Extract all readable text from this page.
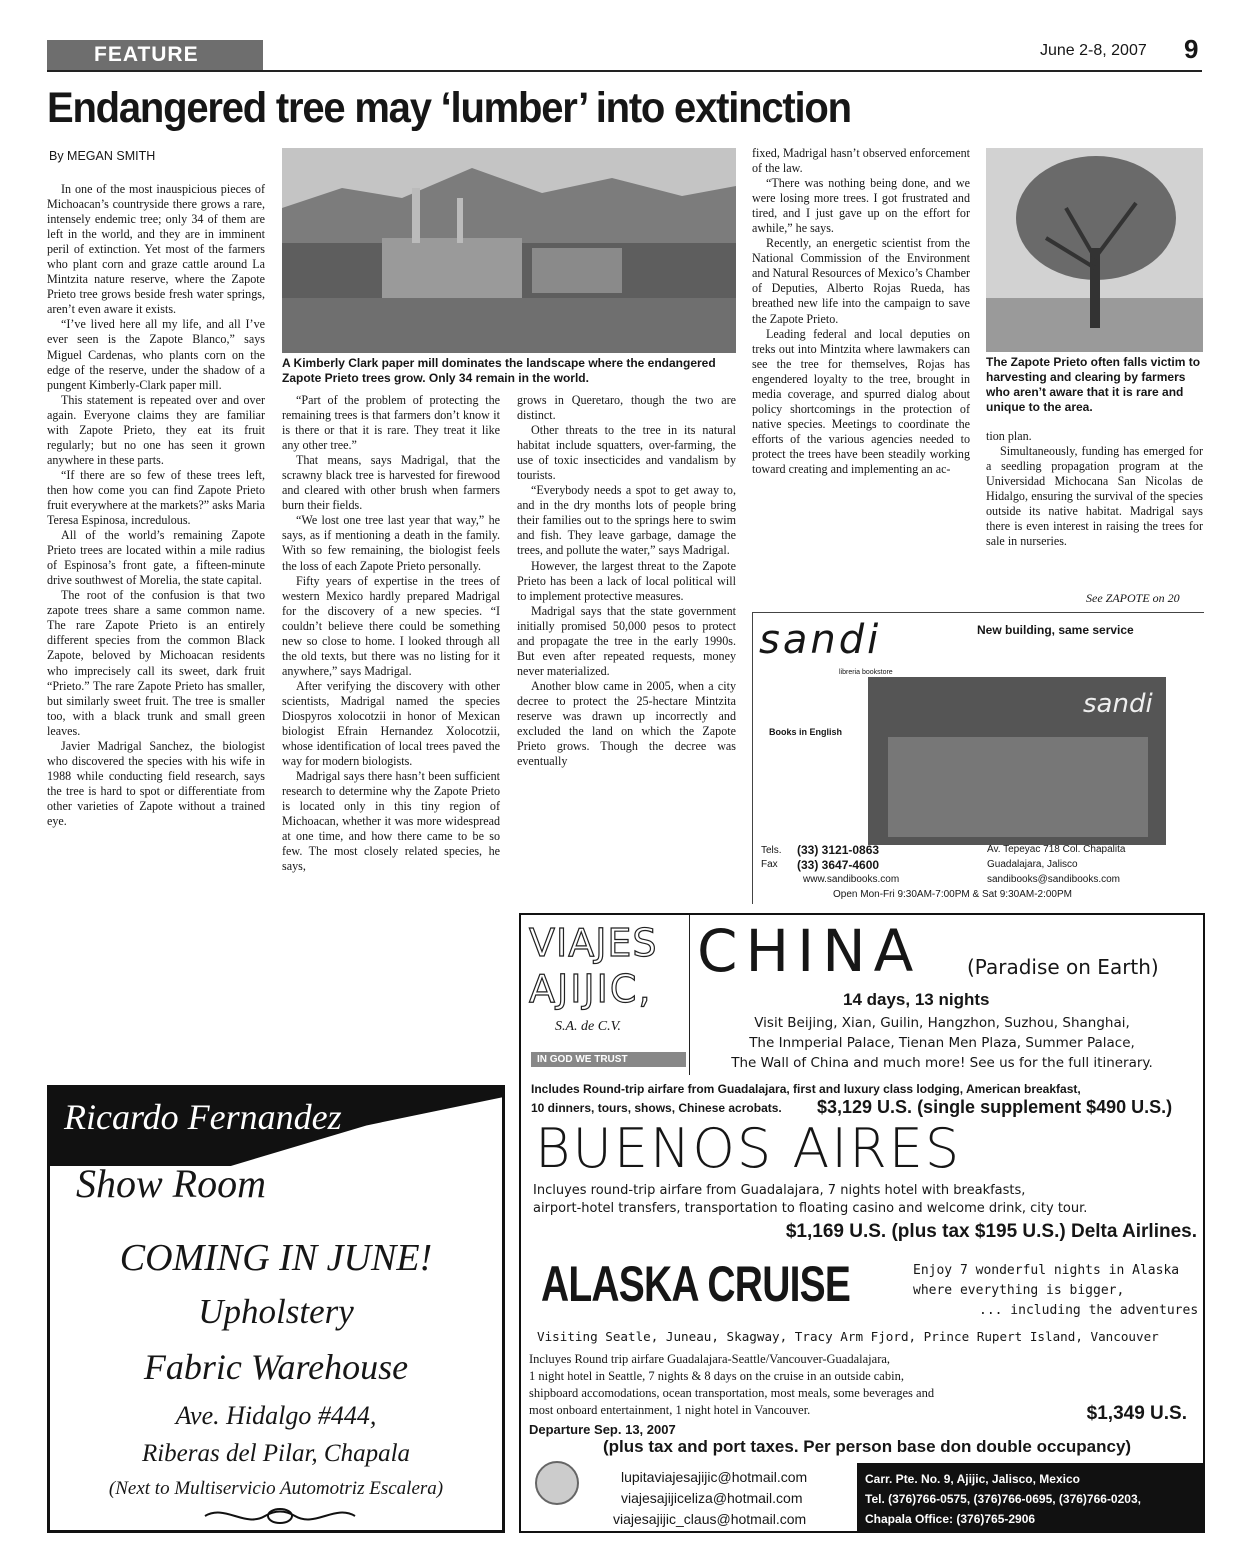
FEATURE	June 2-8, 2007 9
Endangered tree may ‘lumber’ into extinction
By MEGAN SMITH

In one of the most inauspicious pieces of Michoacan’s countryside there grows a rare, intensely endemic tree; only 34 of them are left in the world, and they are in imminent peril of extinction. Yet most of the farmers who plant corn and graze cattle around La Mintzita nature reserve, where the Zapote Prieto tree grows beside fresh water springs, aren’t even aware it exists.

“I’ve lived here all my life, and all I’ve ever seen is the Zapote Blanco,” says Miguel Cardenas, who plants corn on the edge of the reserve, under the shadow of a pungent Kimberly-Clark paper mill.

This statement is repeated over and over again. Everyone claims they are familiar with Zapote Prieto, they eat its fruit regularly; but no one has seen it grown anywhere in these parts.

“If there are so few of these trees left, then how come you can find Zapote Prieto fruit everywhere at the markets?” asks Maria Teresa Espinosa, incredulous.

All of the world’s remaining Zapote Prieto trees are located within a mile radius of Espinosa’s front gate, a fifteen-minute drive southwest of Morelia, the state capital.

The root of the confusion is that two zapote trees share a same common name. The rare Zapote Prieto is an entirely different species from the common Black Zapote, beloved by Michoacan residents who imprecisely call its sweet, dark fruit “Prieto.” The rare Zapote Prieto has smaller, but similarly sweet fruit. The tree is smaller too, with a black trunk and small green leaves.

Javier Madrigal Sanchez, the biologist who discovered the species with his wife in 1988 while conducting field research, says the tree is hard to spot or differentiate from other varieties of Zapote without a trained eye.

A Kimberly Clark paper mill dominates the landscape where the endangered Zapote Prieto trees grow. Only 34 remain in the world.

“Part of the problem of protecting the remaining trees is that farmers don’t know it is there or that it is rare. They treat it like any other tree.”

That means, says Madrigal, that the scrawny black tree is harvested for firewood and cleared with other brush when farmers burn their fields.

“We lost one tree last year that way,” he says, as if mentioning a death in the family. With so few remaining, the biologist feels the loss of each Zapote Prieto personally.

Fifty years of expertise in the trees of western Mexico hardly prepared Madrigal for the discovery of a new species. “I couldn’t believe there could be something new so close to home. I looked through all the old texts, but there was no listing for it anywhere,” says Madrigal.

After verifying the discovery with other scientists, Madrigal named the species Diospyros xolocotzii in honor of Mexican biologist Efrain Hernandez Xolocotzii, whose identification of local trees paved the way for modern biologists.

Madrigal says there hasn’t been sufficient research to determine why the Zapote Prieto is located only in this tiny region of Michoacan, whether it was more widespread at one time, and how there came to be so few. The most closely related species, he says,

grows in Queretaro, though the two are distinct.

Other threats to the tree in its natural habitat include squatters, over-farming, the use of toxic insecticides and vandalism by tourists.

“Everybody needs a spot to get away to, and in the dry months lots of people bring their families out to the springs here to swim and fish. They leave garbage, damage the trees, and pollute the water,” says Madrigal.

However, the largest threat to the Zapote Prieto has been a lack of local political will to implement protective measures.

Madrigal says that the state government initially promised 50,000 pesos to protect and propagate the tree in the early 1990s. But even after repeated requests, money never materialized.

Another blow came in 2005, when a city decree to protect the 25-hectare Mintzita reserve was drawn up incorrectly and excluded the land on which the Zapote Prieto grows. Though the decree was eventually

fixed, Madrigal hasn’t observed enforcement of the law.

“There was nothing being done, and we were losing more trees. I got frustrated and tired, and I just gave up on the effort for awhile,” he says.

Recently, an energetic scientist from the National Commission of the Environment and Natural Resources of Mexico’s Chamber of Deputies, Alberto Rojas Rueda, has breathed new life into the campaign to save the Zapote Prieto.

Leading federal and local deputies on treks out into Mintzita where lawmakers can see the tree for themselves, Rojas has engendered loyalty to the tree, brought in media coverage, and spurred dialog about policy shortcomings in the protection of native species. Meetings to coordinate the efforts of the various agencies needed to protect the trees have been steadily working toward creating and implementing an ac-

The Zapote Prieto often falls victim to harvesting and clearing by farmers who aren’t aware that it is rare and unique to the area.

tion plan.

Simultaneously, funding has emerged for a seedling propagation program at the Universidad Michocana San Nicolas de Hidalgo, ensuring the survival of the species outside its native habitat. Madrigal says there is even interest in raising the trees for sale in nurseries.

See ZAPOTE on 20
sandi	New building, same service
libreria bookstore
Books in English
sandi
Tels. (33) 3121-0863
Fax (33) 3647-4600
www.sandibooks.com
Av. Tepeyac 718 Col. Chapalita
Guadalajara, Jalisco
sandibooks@sandibooks.com
Open Mon-Fri 9:30AM-7:00PM & Sat 9:30AM-2:00PM
Ricardo Fernandez
Show Room
COMING IN JUNE!
Upholstery
Fabric Warehouse
Ave. Hidalgo #444,
Riberas del Pilar, Chapala
(Next to Multiservicio Automotriz Escalera)
VIAJES
AJIJIC,
S.A. de C.V.
IN GOD WE TRUST
CHINA (Paradise on Earth)
14 days, 13 nights
Visit Beijing, Xian, Guilin, Hangzhon, Suzhou, Shanghai,
The Inmperial Palace, Tienan Men Plaza, Summer Palace,
The Wall of China and much more! See us for the full itinerary.
Includes Round-trip airfare from Guadalajara, first and luxury class lodging, American breakfast,
10 dinners, tours, shows, Chinese acrobats. $3,129 U.S. (single supplement $490 U.S.)
BUENOS AIRES
Incluyes round-trip airfare from Guadalajara, 7 nights hotel with breakfasts,
airport-hotel transfers, transportation to floating casino and welcome drink, city tour.
$1,169 U.S. (plus tax $195 U.S.) Delta Airlines.
ALASKA CRUISE	Enjoy 7 wonderful nights in Alaska
where everything is bigger,
... including the adventures
Visiting Seatle, Juneau, Skagway, Tracy Arm Fjord, Prince Rupert Island, Vancouver
Incluyes Round trip airfare Guadalajara-Seattle/Vancouver-Guadalajara,
1 night hotel in Seattle, 7 nights & 8 days on the cruise in an outside cabin,
shipboard accomodations, ocean transportation, most meals, some beverages and
most onboard entertainment, 1 night hotel in Vancouver.	$1,349 U.S.
Departure Sep. 13, 2007
(plus tax and port taxes. Per person base don double occupancy)
lupitaviajesajijic@hotmail.com
viajesajijiceliza@hotmail.com
viajesajijic_claus@hotmail.com
Carr. Pte. No. 9, Ajijic, Jalisco, Mexico
Tel. (376)766-0575, (376)766-0695, (376)766-0203,
Chapala Office: (376)765-2906
